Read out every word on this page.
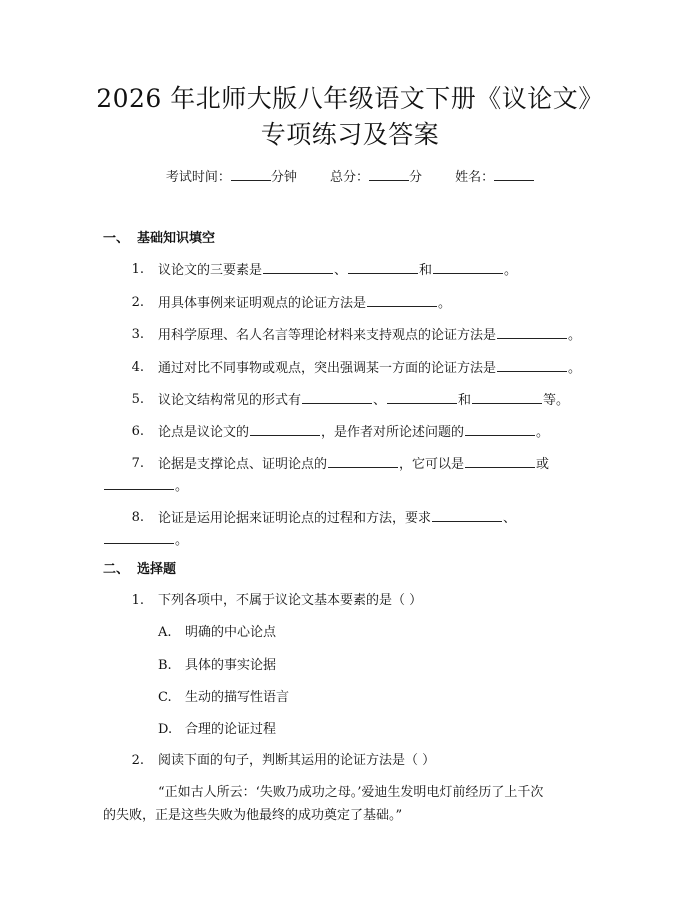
2026 年北师大版八年级语文下册《议论文》
专项练习及答案
考试时间：	分钟	总分：	分	姓名：
一、 基础知识填空
1. 议论文的三要素是	、	和	。
2. 用具体事例来证明观点的论证方法是	。
3. 用科学原理、名人名言等理论材料来支持观点的论证方法是	。
4. 通过对比不同事物或观点，突出强调某一方面的论证方法是	。
5. 议论文结构常见的形式有	、	和	等。
6. 论点是议论文的	，是作者对所论述问题的	。
7. 论据是支撑论点、证明论点的	，它可以是	或
。
8. 论证是运用论据来证明论点的过程和方法，要求	、
。
二、 选择题
1. 下列各项中，不属于议论文基本要素的是（ ）
A. 明确的中心论点
B. 具体的事实论据
C. 生动的描写性语言
D. 合理的论证过程
2. 阅读下面的句子，判断其运用的论证方法是（ ）
“正如古人所云：‘失败乃成功之母。’爱迪生发明电灯前经历了上千次
的失败，正是这些失败为他最终的成功奠定了基础。”
